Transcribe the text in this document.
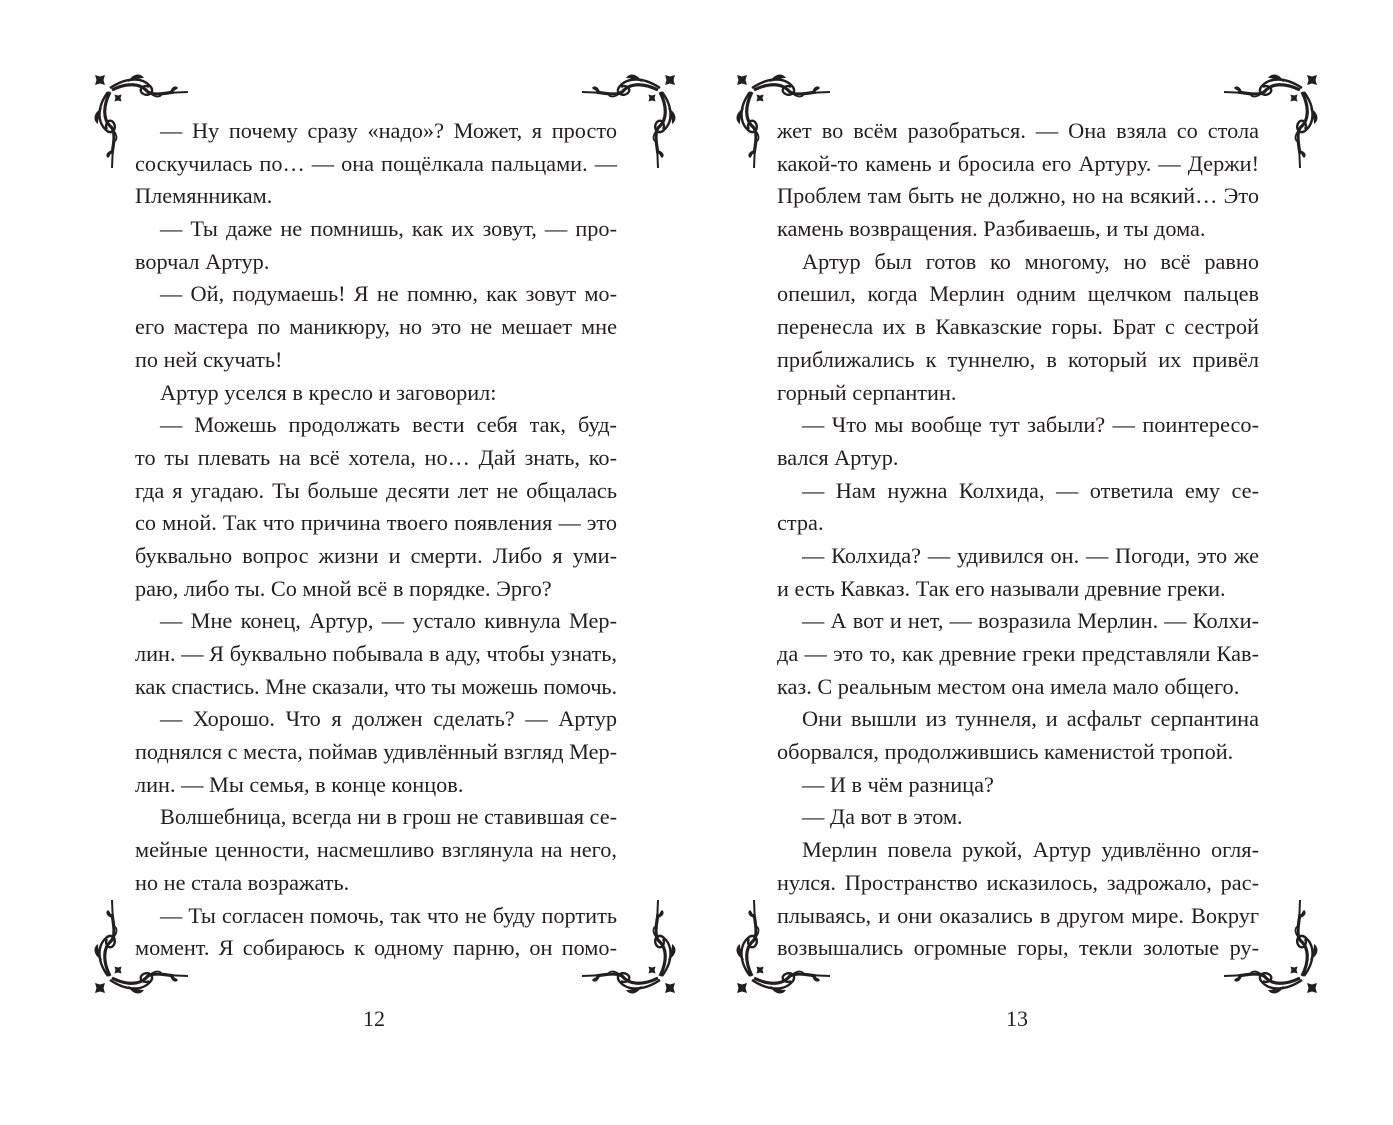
— Ну почему сразу «надо»? Может, я просто
соскучилась по… — она пощёлкала пальцами. —
Племянникам.
— Ты даже не помнишь, как их зовут, — про-
ворчал Артур.
— Ой, подумаешь! Я не помню, как зовут мо-
его мастера по маникюру, но это не мешает мне
по ней скучать!
Артур уселся в кресло и заговорил:
— Можешь продолжать вести себя так, буд-
то ты плевать на всё хотела, но… Дай знать, ко-
гда я угадаю. Ты больше десяти лет не общалась
со мной. Так что причина твоего появления — это
буквально вопрос жизни и смерти. Либо я уми-
раю, либо ты. Со мной всё в порядке. Эрго?
— Мне конец, Артур, — устало кивнула Мер-
лин. — Я буквально побывала в аду, чтобы узнать,
как спастись. Мне сказали, что ты можешь помочь.
— Хорошо. Что я должен сделать? — Артур
поднялся с места, поймав удивлённый взгляд Мер-
лин. — Мы семья, в конце концов.
Волшебница, всегда ни в грош не ставившая се-
мейные ценности, насмешливо взглянула на него,
но не стала возражать.
— Ты согласен помочь, так что не буду портить
момент. Я собираюсь к одному парню, он помо-
12
жет во всём разобраться. — Она взяла со стола
какой-то камень и бросила его Артуру. — Держи!
Проблем там быть не должно, но на всякий… Это
камень возвращения. Разбиваешь, и ты дома.
Артур был готов ко многому, но всё равно
опешил, когда Мерлин одним щелчком пальцев
перенесла их в Кавказские горы. Брат с сестрой
приближались к туннелю, в который их привёл
горный серпантин.
— Что мы вообще тут забыли? — поинтересо-
вался Артур.
— Нам нужна Колхида, — ответила ему се-
стра.
— Колхида? — удивился он. — Погоди, это же
и есть Кавказ. Так его называли древние греки.
— А вот и нет, — возразила Мерлин. — Колхи-
да — это то, как древние греки представляли Кав-
каз. С реальным местом она имела мало общего.
Они вышли из туннеля, и асфальт серпантина
оборвался, продолжившись каменистой тропой.
— И в чём разница?
— Да вот в этом.
Мерлин повела рукой, Артур удивлённо огля-
нулся. Пространство исказилось, задрожало, рас-
плываясь, и они оказались в другом мире. Вокруг
возвышались огромные горы, текли золотые ру-
13
